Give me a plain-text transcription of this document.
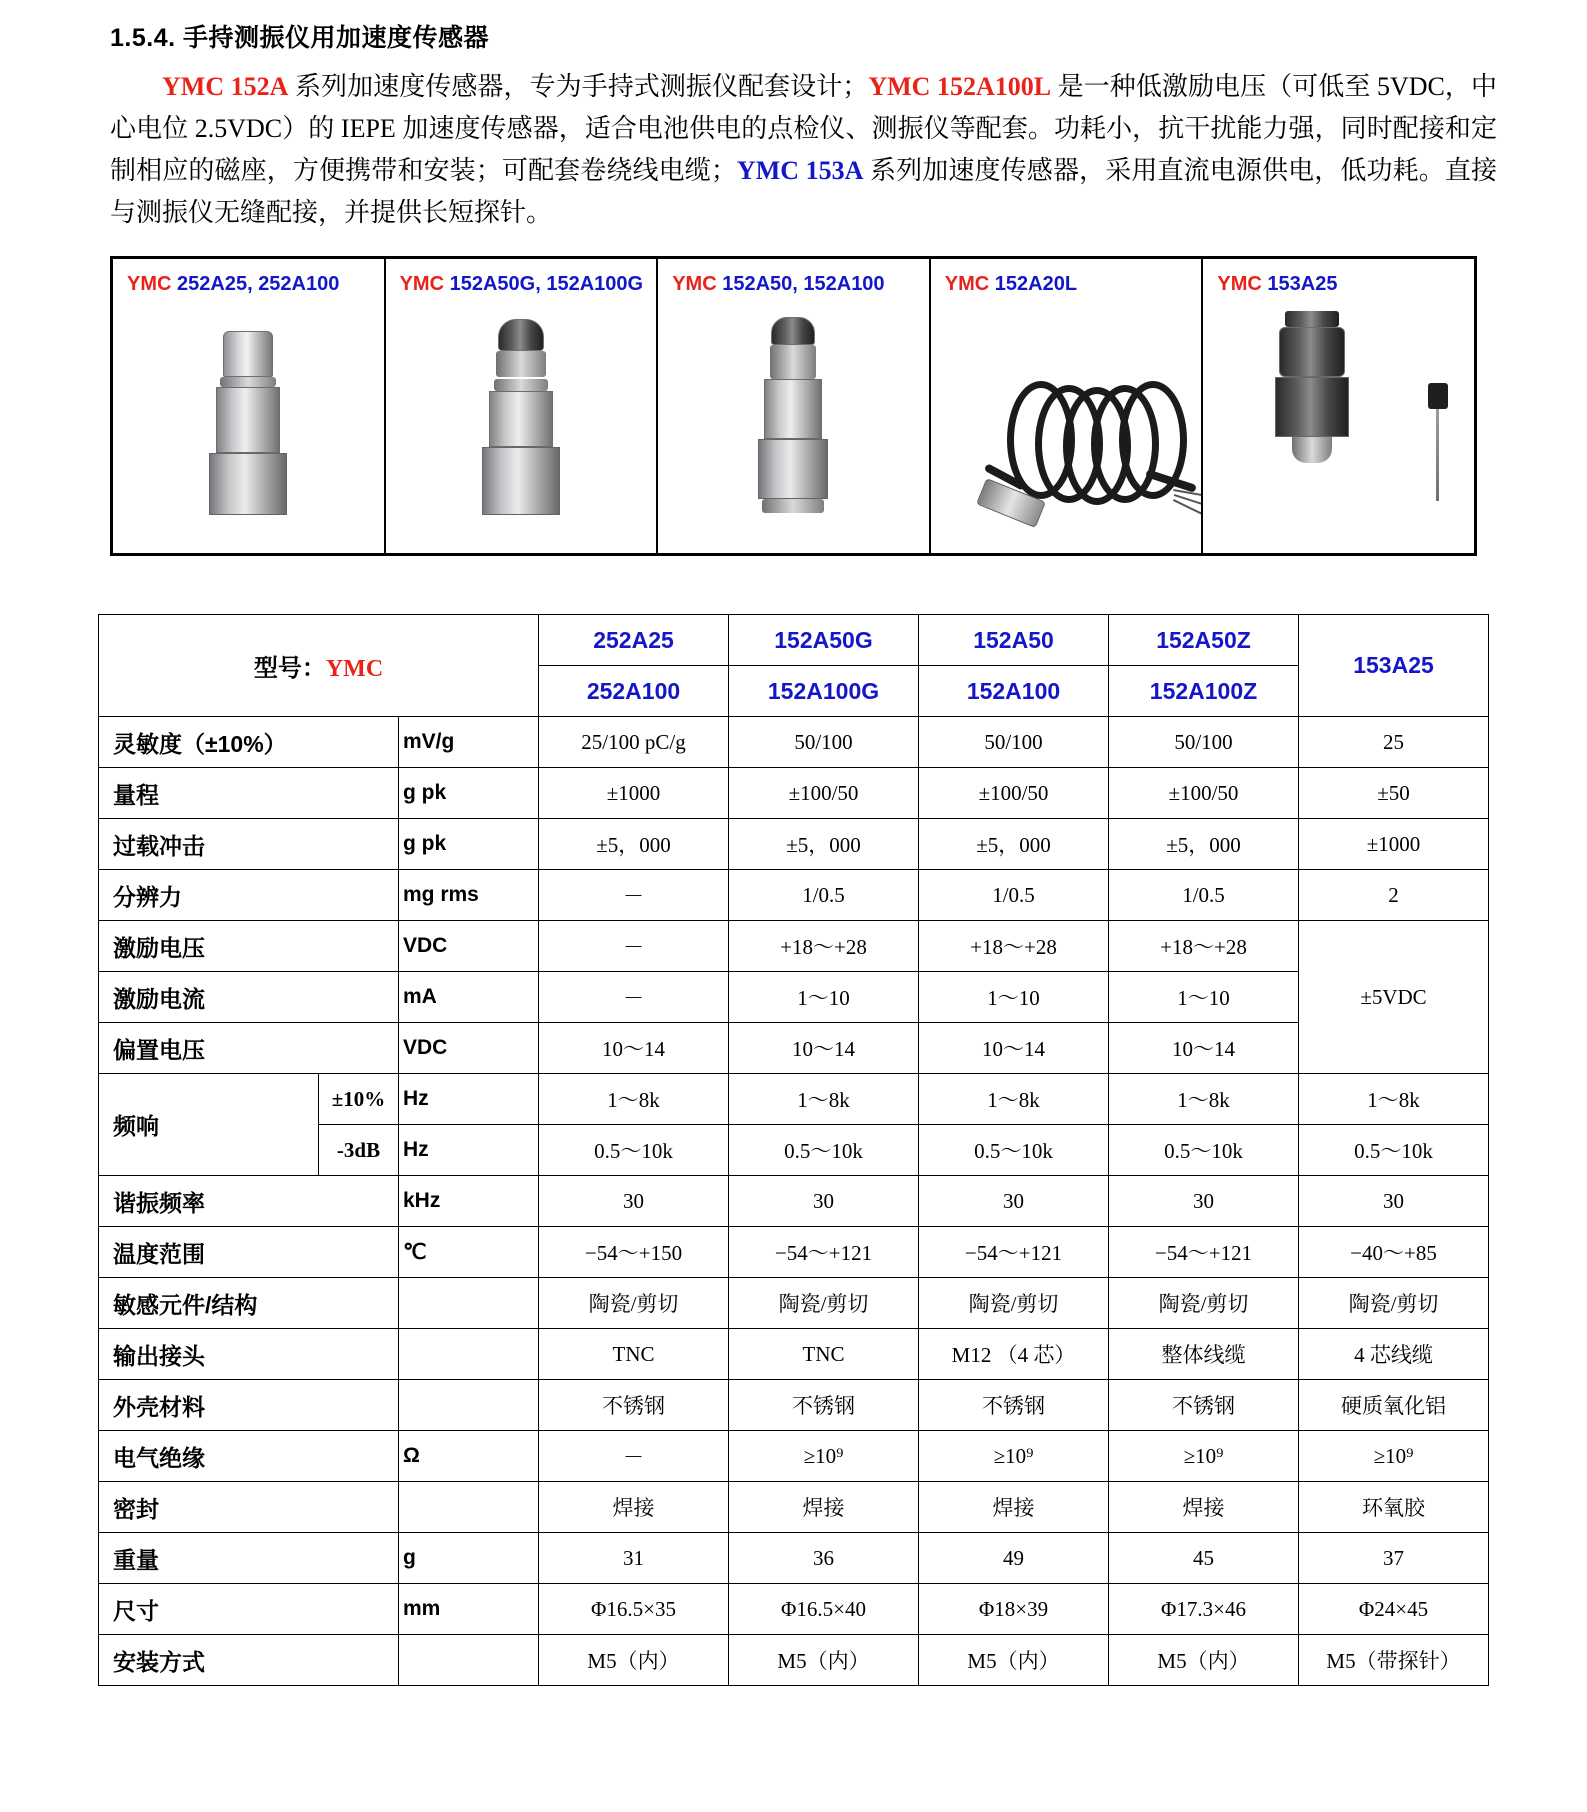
1.5.4. 手持测振仪用加速度传感器

YMC 152A 系列加速度传感器，专为手持式测振仪配套设计；YMC 152A100L 是一种低激励电压（可低至 5VDC，中心电位 2.5VDC）的 IEPE 加速度传感器，适合电池供电的点检仪、测振仪等配套。功耗小，抗干扰能力强，同时配接和定制相应的磁座，方便携带和安装；可配套卷绕线电缆；YMC 153A 系列加速度传感器，采用直流电源供电，低功耗。直接与测振仪无缝配接，并提供长短探针。

YMC 252A25, 252A100	YMC 152A50G, 152A100G	YMC 152A50, 152A100	YMC 152A20L	YMC 153A25
型号：YMC			252A25	152A50G	152A50	152A50Z	153A25
			252A100	152A100G	152A100	152A100Z	
灵敏度（±10%）		mV/g	25/100 pC/g	50/100	50/100	50/100	25
量程		g pk	±1000	±100/50	±100/50	±100/50	±50
过载冲击		g pk	±5，000	±5，000	±5，000	±5，000	±1000
分辨力		mg rms	－	1/0.5	1/0.5	1/0.5	2
激励电压		VDC	－	+18～+28	+18～+28	+18～+28	±5VDC
激励电流		mA	－	1～10	1～10	1～10	
偏置电压		VDC	10～14	10～14	10～14	10～14	
频响	±10%	Hz	1～8k	1～8k	1～8k	1～8k	1～8k
	-3dB	Hz	0.5～10k	0.5～10k	0.5～10k	0.5～10k	0.5～10k
谐振频率		kHz	30	30	30	30	30
温度范围		℃	−54～+150	−54～+121	−54～+121	−54～+121	−40～+85
敏感元件/结构			陶瓷/剪切	陶瓷/剪切	陶瓷/剪切	陶瓷/剪切	陶瓷/剪切
输出接头			TNC	TNC	M12 （4 芯）	整体线缆	4 芯线缆
外壳材料			不锈钢	不锈钢	不锈钢	不锈钢	硬质氧化铝
电气绝缘		Ω	－	≥10⁹	≥10⁹	≥10⁹	≥10⁹
密封			焊接	焊接	焊接	焊接	环氧胶
重量		g	31	36	49	45	37
尺寸		mm	Φ16.5×35	Φ16.5×40	Φ18×39	Φ17.3×46	Φ24×45
安装方式			M5（内）	M5（内）	M5（内）	M5（内）	M5（带探针）
